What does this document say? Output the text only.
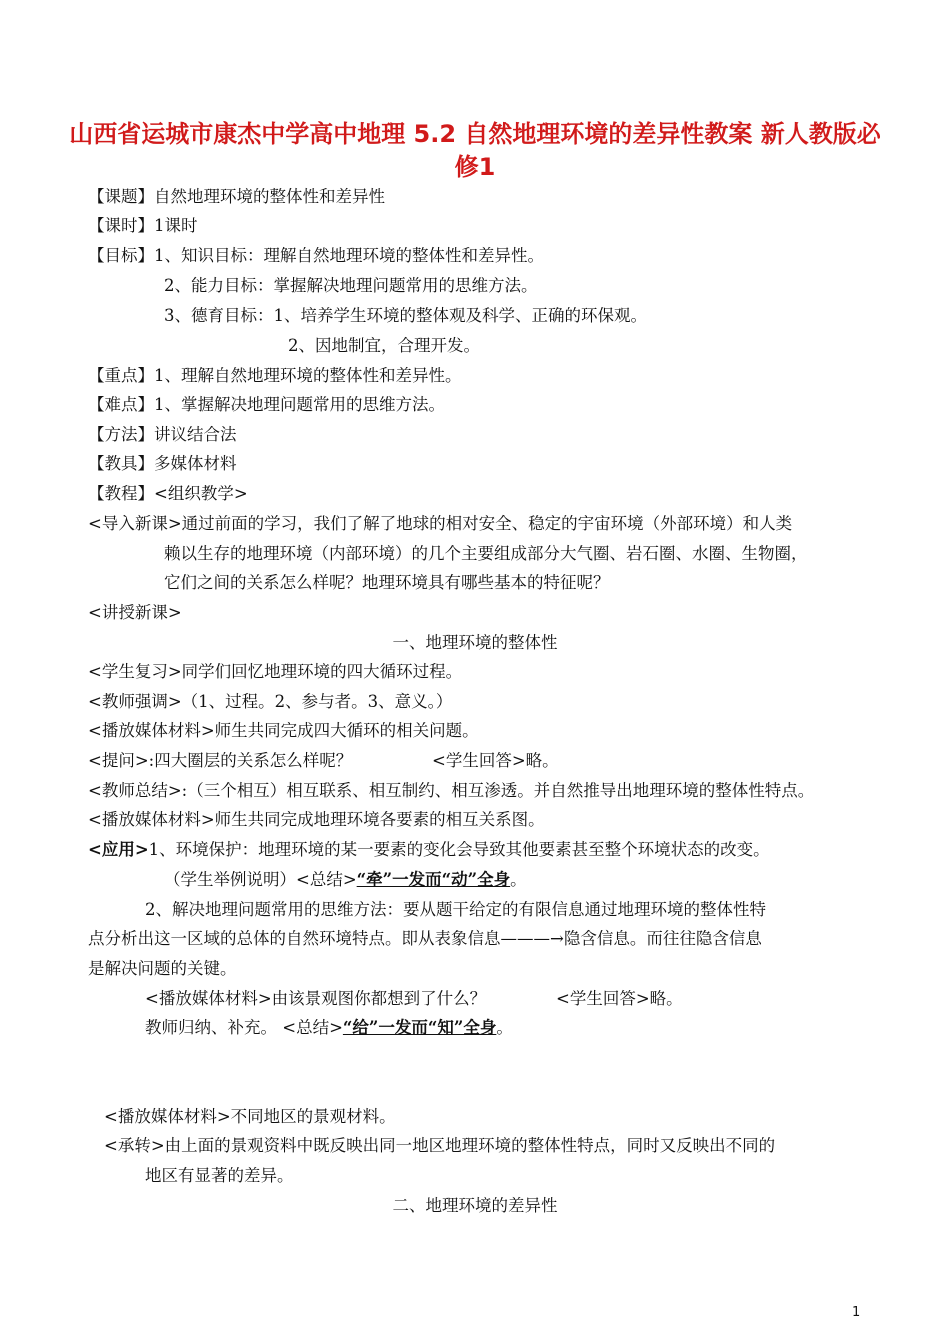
山西省运城市康杰中学高中地理 5.2 自然地理环境的差异性教案 新人教版必修1
【课题】自然地理环境的整体性和差异性
【课时】1课时
【目标】1、知识目标：理解自然地理环境的整体性和差异性。
2、能力目标：掌握解决地理问题常用的思维方法。
3、德育目标：1、培养学生环境的整体观及科学、正确的环保观。
2、因地制宜，合理开发。
【重点】1、理解自然地理环境的整体性和差异性。
【难点】1、掌握解决地理问题常用的思维方法。
【方法】讲议结合法
【教具】多媒体材料
【教程】<组织教学>
<导入新课>通过前面的学习，我们了解了地球的相对安全、稳定的宇宙环境（外部环境）和人类
赖以生存的地理环境（内部环境）的几个主要组成部分大气圈、岩石圈、水圈、生物圈，
它们之间的关系怎么样呢？地理环境具有哪些基本的特征呢？
<讲授新课>
一、地理环境的整体性
<学生复习>同学们回忆地理环境的四大循环过程。
<教师强调>（1、过程。2、参与者。3、意义。）
<播放媒体材料>师生共同完成四大循环的相关问题。
<提问>:四大圈层的关系怎么样呢？	<学生回答>略。
<教师总结>:（三个相互）相互联系、相互制约、相互渗透。并自然推导出地理环境的整体性特点。
<播放媒体材料>师生共同完成地理环境各要素的相互关系图。
<应用>1、环境保护：地理环境的某一要素的变化会导致其他要素甚至整个环境状态的改变。
（学生举例说明）<总结>“牵”一发而“动”全身。
2、解决地理问题常用的思维方法：要从题干给定的有限信息通过地理环境的整体性特
点分析出这一区域的总体的自然环境特点。即从表象信息———→隐含信息。而往往隐含信息
是解决问题的关键。
<播放媒体材料>由该景观图你都想到了什么？	<学生回答>略。
教师归纳、补充。 <总结>“给”一发而“知”全身。
<播放媒体材料>不同地区的景观材料。
<承转>由上面的景观资料中既反映出同一地区地理环境的整体性特点，同时又反映出不同的
地区有显著的差异。
二、地理环境的差异性
1
